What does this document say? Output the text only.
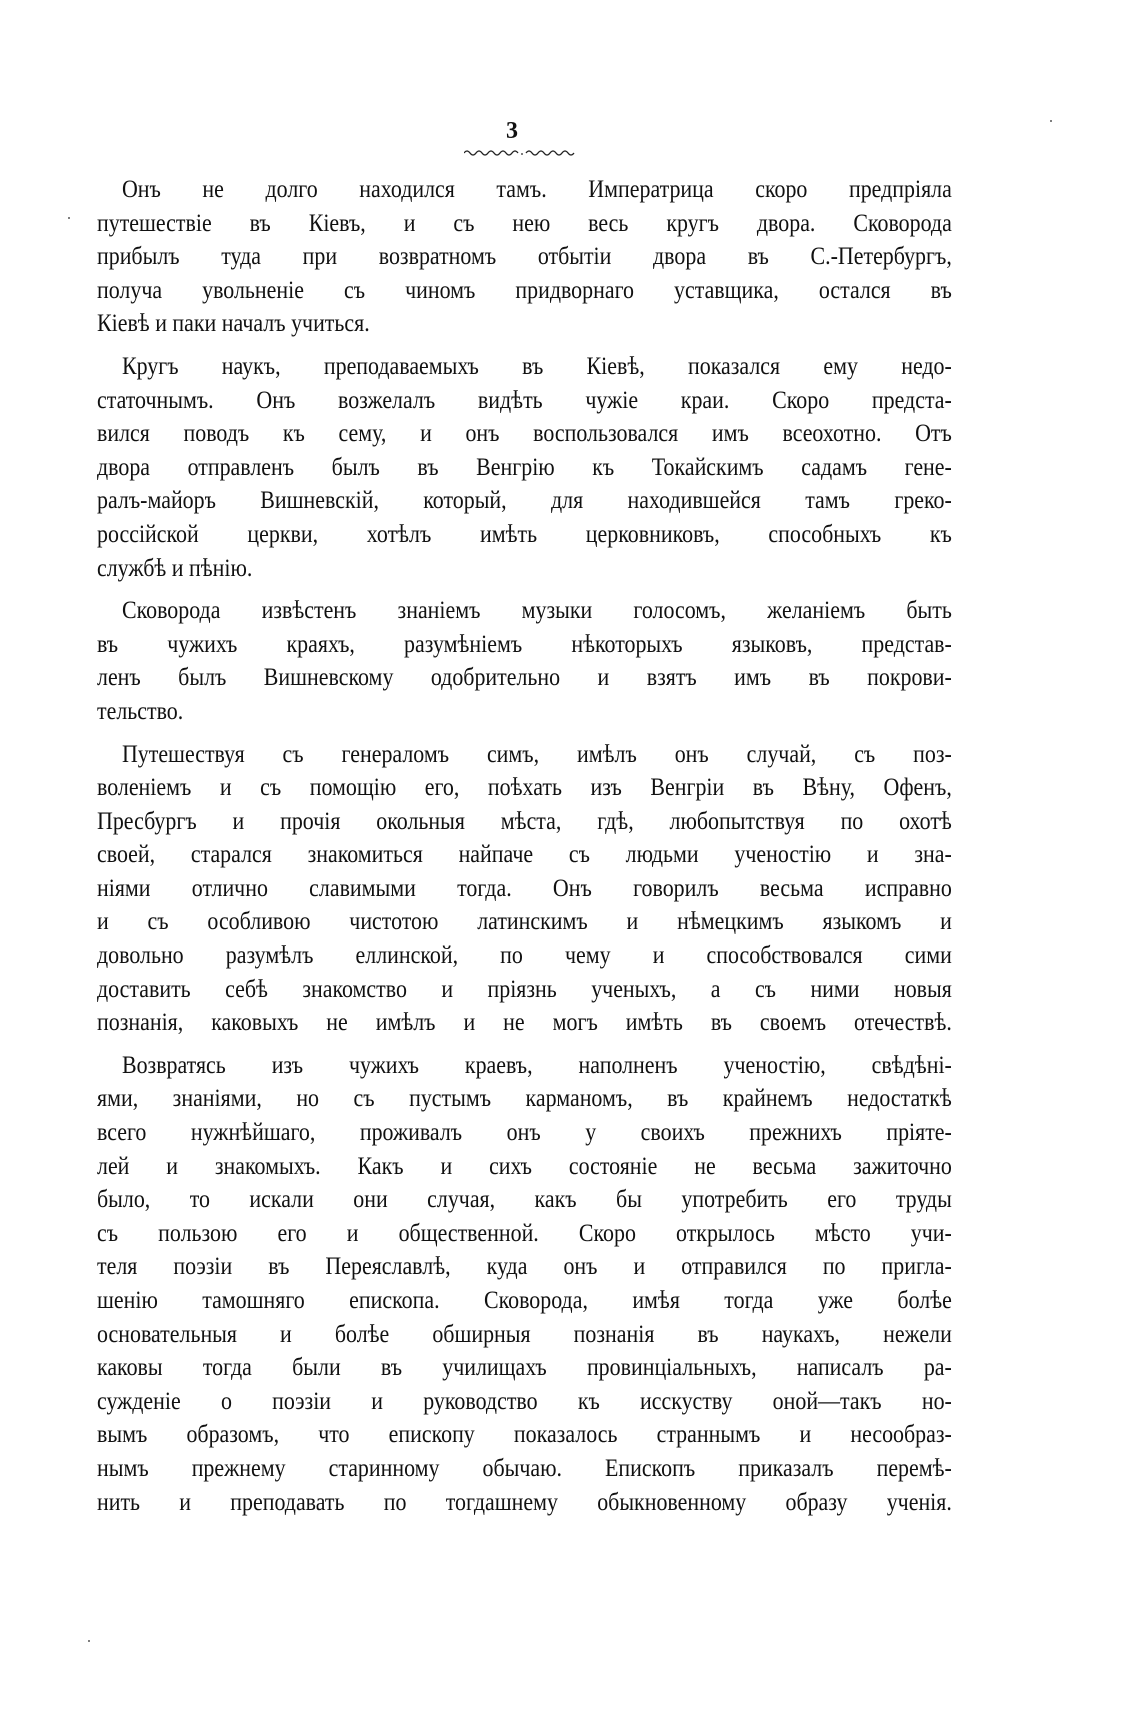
3
Онъ не долго находился тамъ. Императрица скоро предпріяла
путешествіе въ Кіевъ, и съ нею весь кругъ двора. Сковорода
прибылъ туда при возвратномъ отбытіи двора въ С.-Петербургъ,
получа увольненіе съ чиномъ придворнаго уставщика, остался въ
Кіевѣ и паки началъ учиться.
Кругъ наукъ, преподаваемыхъ въ Кіевѣ, показался ему недо-
статочнымъ. Онъ возжелалъ видѣть чужіе краи. Скоро предста-
вился поводъ къ сему, и онъ воспользовался имъ всеохотно. Отъ
двора отправленъ былъ въ Венгрію къ Токайскимъ садамъ гене-
ралъ-майоръ Вишневскій, который, для находившейся тамъ греко-
россійской церкви, хотѣлъ имѣть церковниковъ, способныхъ къ
службѣ и пѣнію.
Сковорода извѣстенъ знаніемъ музыки голосомъ, желаніемъ быть
въ чужихъ краяхъ, разумѣніемъ нѣкоторыхъ языковъ, представ-
ленъ былъ Вишневскому одобрительно и взятъ имъ въ покрови-
тельство.
Путешествуя съ генераломъ симъ, имѣлъ онъ случай, съ поз-
воленіемъ и съ помощію его, поѣхать изъ Венгріи въ Вѣну, Офенъ,
Пресбургъ и прочія окольныя мѣста, гдѣ, любопытствуя по охотѣ
своей, старался знакомиться найпаче съ людьми ученостію и зна-
ніями отлично славимыми тогда. Онъ говорилъ весьма исправно
и съ особливою чистотою латинскимъ и нѣмецкимъ языкомъ и
довольно разумѣлъ еллинской, по чему и способствовался сими
доставить себѣ знакомство и пріязнь ученыхъ, а съ ними новыя
познанія, каковыхъ не имѣлъ и не могъ имѣть въ своемъ отечествѣ.
Возвратясь изъ чужихъ краевъ, наполненъ ученостію, свѣдѣні-
ями, знаніями, но съ пустымъ карманомъ, въ крайнемъ недостаткѣ
всего нужнѣйшаго, проживалъ онъ у своихъ прежнихъ пріяте-
лей и знакомыхъ. Какъ и сихъ состояніе не весьма зажиточно
было, то искали они случая, какъ бы употребить его труды
съ пользою его и общественной. Скоро открылось мѣсто учи-
теля поэзіи въ Переяславлѣ, куда онъ и отправился по пригла-
шенію тамошняго епископа. Сковорода, имѣя тогда уже болѣе
основательныя и болѣе обширныя познанія въ наукахъ, нежели
каковы тогда были въ училищахъ провинціальныхъ, написалъ ра-
сужденіе о поэзіи и руководство къ исскуству оной—такъ но-
вымъ образомъ, что епископу показалось страннымъ и несообраз-
нымъ прежнему старинному обычаю. Епископъ приказалъ перемѣ-
нить и преподавать по тогдашнему обыкновенному образу ученія.
